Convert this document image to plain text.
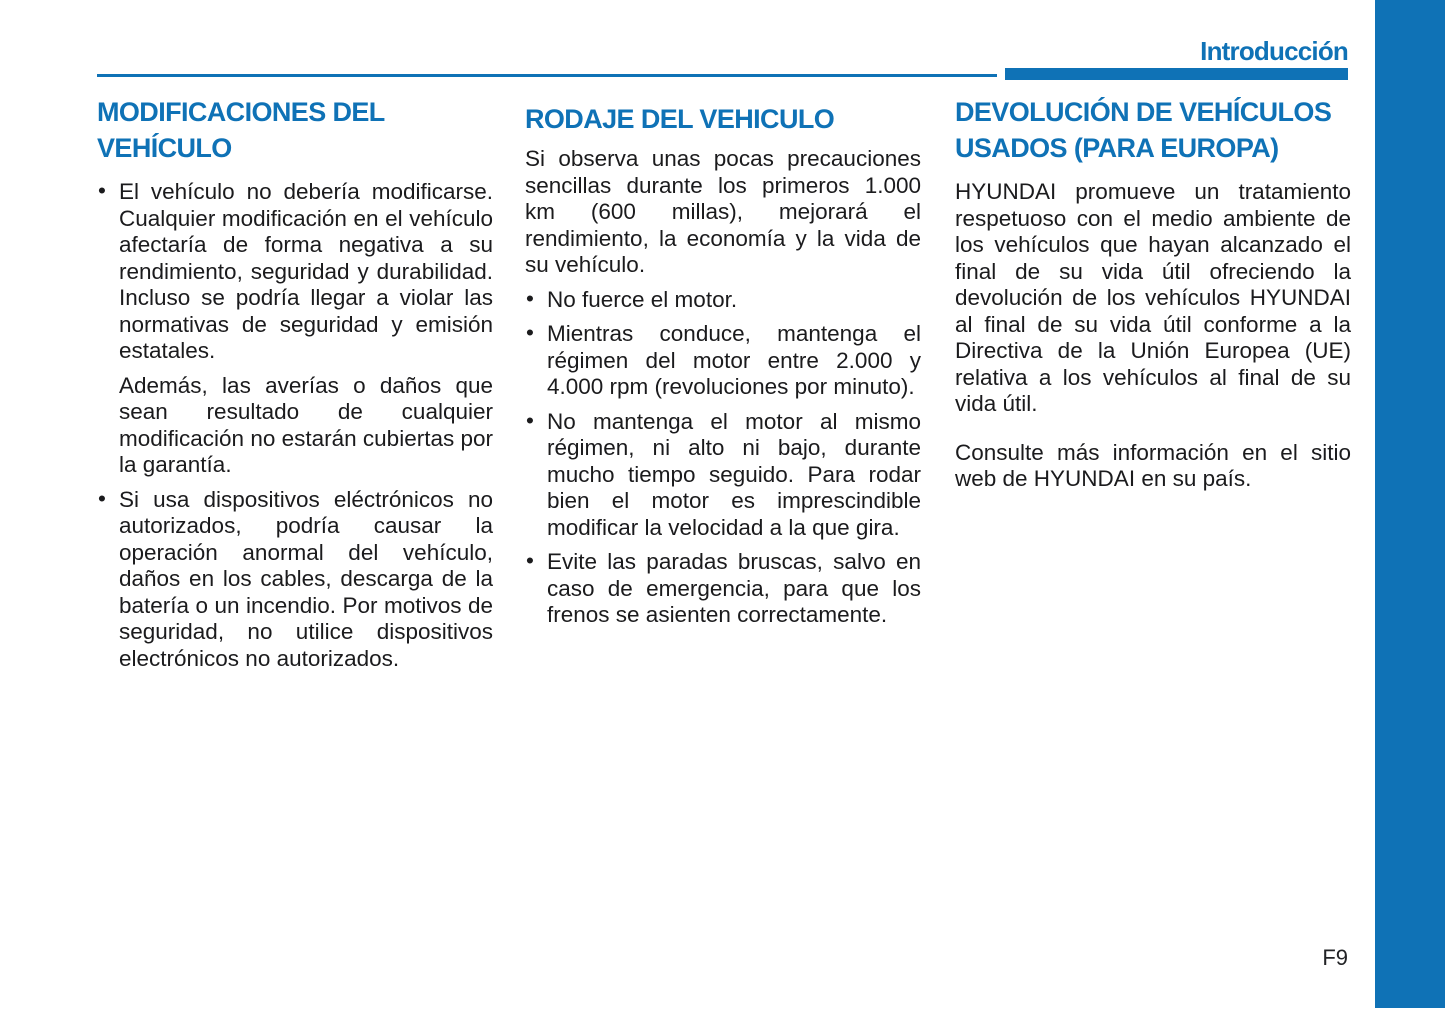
Introducción
MODIFICACIONES DEL
VEHÍCULO
• El vehículo no debería modificarse. Cualquier modificación en el vehículo afectaría de forma negativa a su rendimiento, seguridad y durabilidad. Incluso se podría llegar a violar las normativas de seguridad y emisión estatales.
Además, las averías o daños que sean resultado de cualquier modificación no estarán cubiertas por la garantía.
• Si usa dispositivos eléctrónicos no autorizados, podría causar la operación anormal del vehículo, daños en los cables, descarga de la batería o un incendio. Por motivos de seguridad, no utilice dispositivos electrónicos no autorizados.
RODAJE DEL VEHICULO
Si observa unas pocas precauciones sencillas durante los primeros 1.000 km (600 millas), mejorará el rendimiento, la economía y la vida de su vehículo.
• No fuerce el motor.
• Mientras conduce, mantenga el régimen del motor entre 2.000 y 4.000 rpm (revoluciones por minuto).
• No mantenga el motor al mismo régimen, ni alto ni bajo, durante mucho tiempo seguido. Para rodar bien el motor es imprescindible modificar la velocidad a la que gira.
• Evite las paradas bruscas, salvo en caso de emergencia, para que los frenos se asienten correctamente.
DEVOLUCIÓN DE VEHÍCULOS
USADOS (PARA EUROPA)
HYUNDAI promueve un tratamiento respetuoso con el medio ambiente de los vehículos que hayan alcanzado el final de su vida útil ofreciendo la devolución de los vehículos HYUNDAI al final de su vida útil conforme a la Directiva de la Unión Europea (UE) relativa a los vehículos al final de su vida útil.
Consulte más información en el sitio web de HYUNDAI en su país.
F9
